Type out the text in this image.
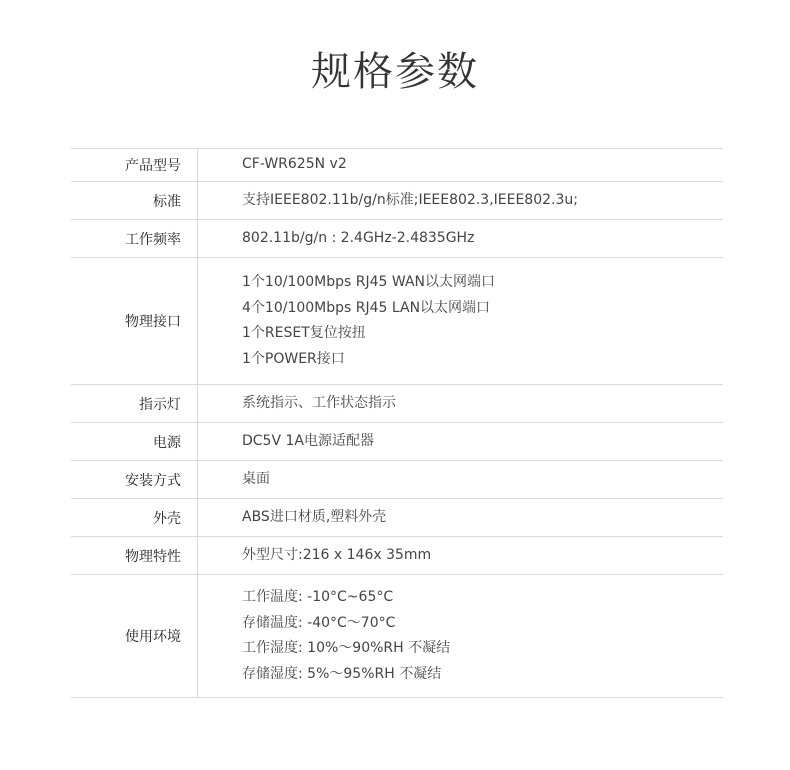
规格参数
产品型号	CF-WR625N v2

标准	支持IEEE802.11b/g/n标准;IEEE802.3,IEEE802.3u;

工作频率	802.11b/g/n : 2.4GHz-2.4835GHz

物理接口	1个10/100Mbps RJ45 WAN以太网端口
4个10/100Mbps RJ45 LAN以太网端口
1个RESET复位按扭
1个POWER接口

指示灯	系统指示、工作状态指示

电源	DC5V 1A电源适配器

安装方式	桌面

外壳	ABS进口材质,塑料外壳

物理特性	外型尺寸:216 x 146x 35mm

使用环境	工作温度: -10°C~65°C
存储温度: -40°C～70°C
工作湿度: 10%～90%RH 不凝结
存储湿度: 5%～95%RH 不凝结
